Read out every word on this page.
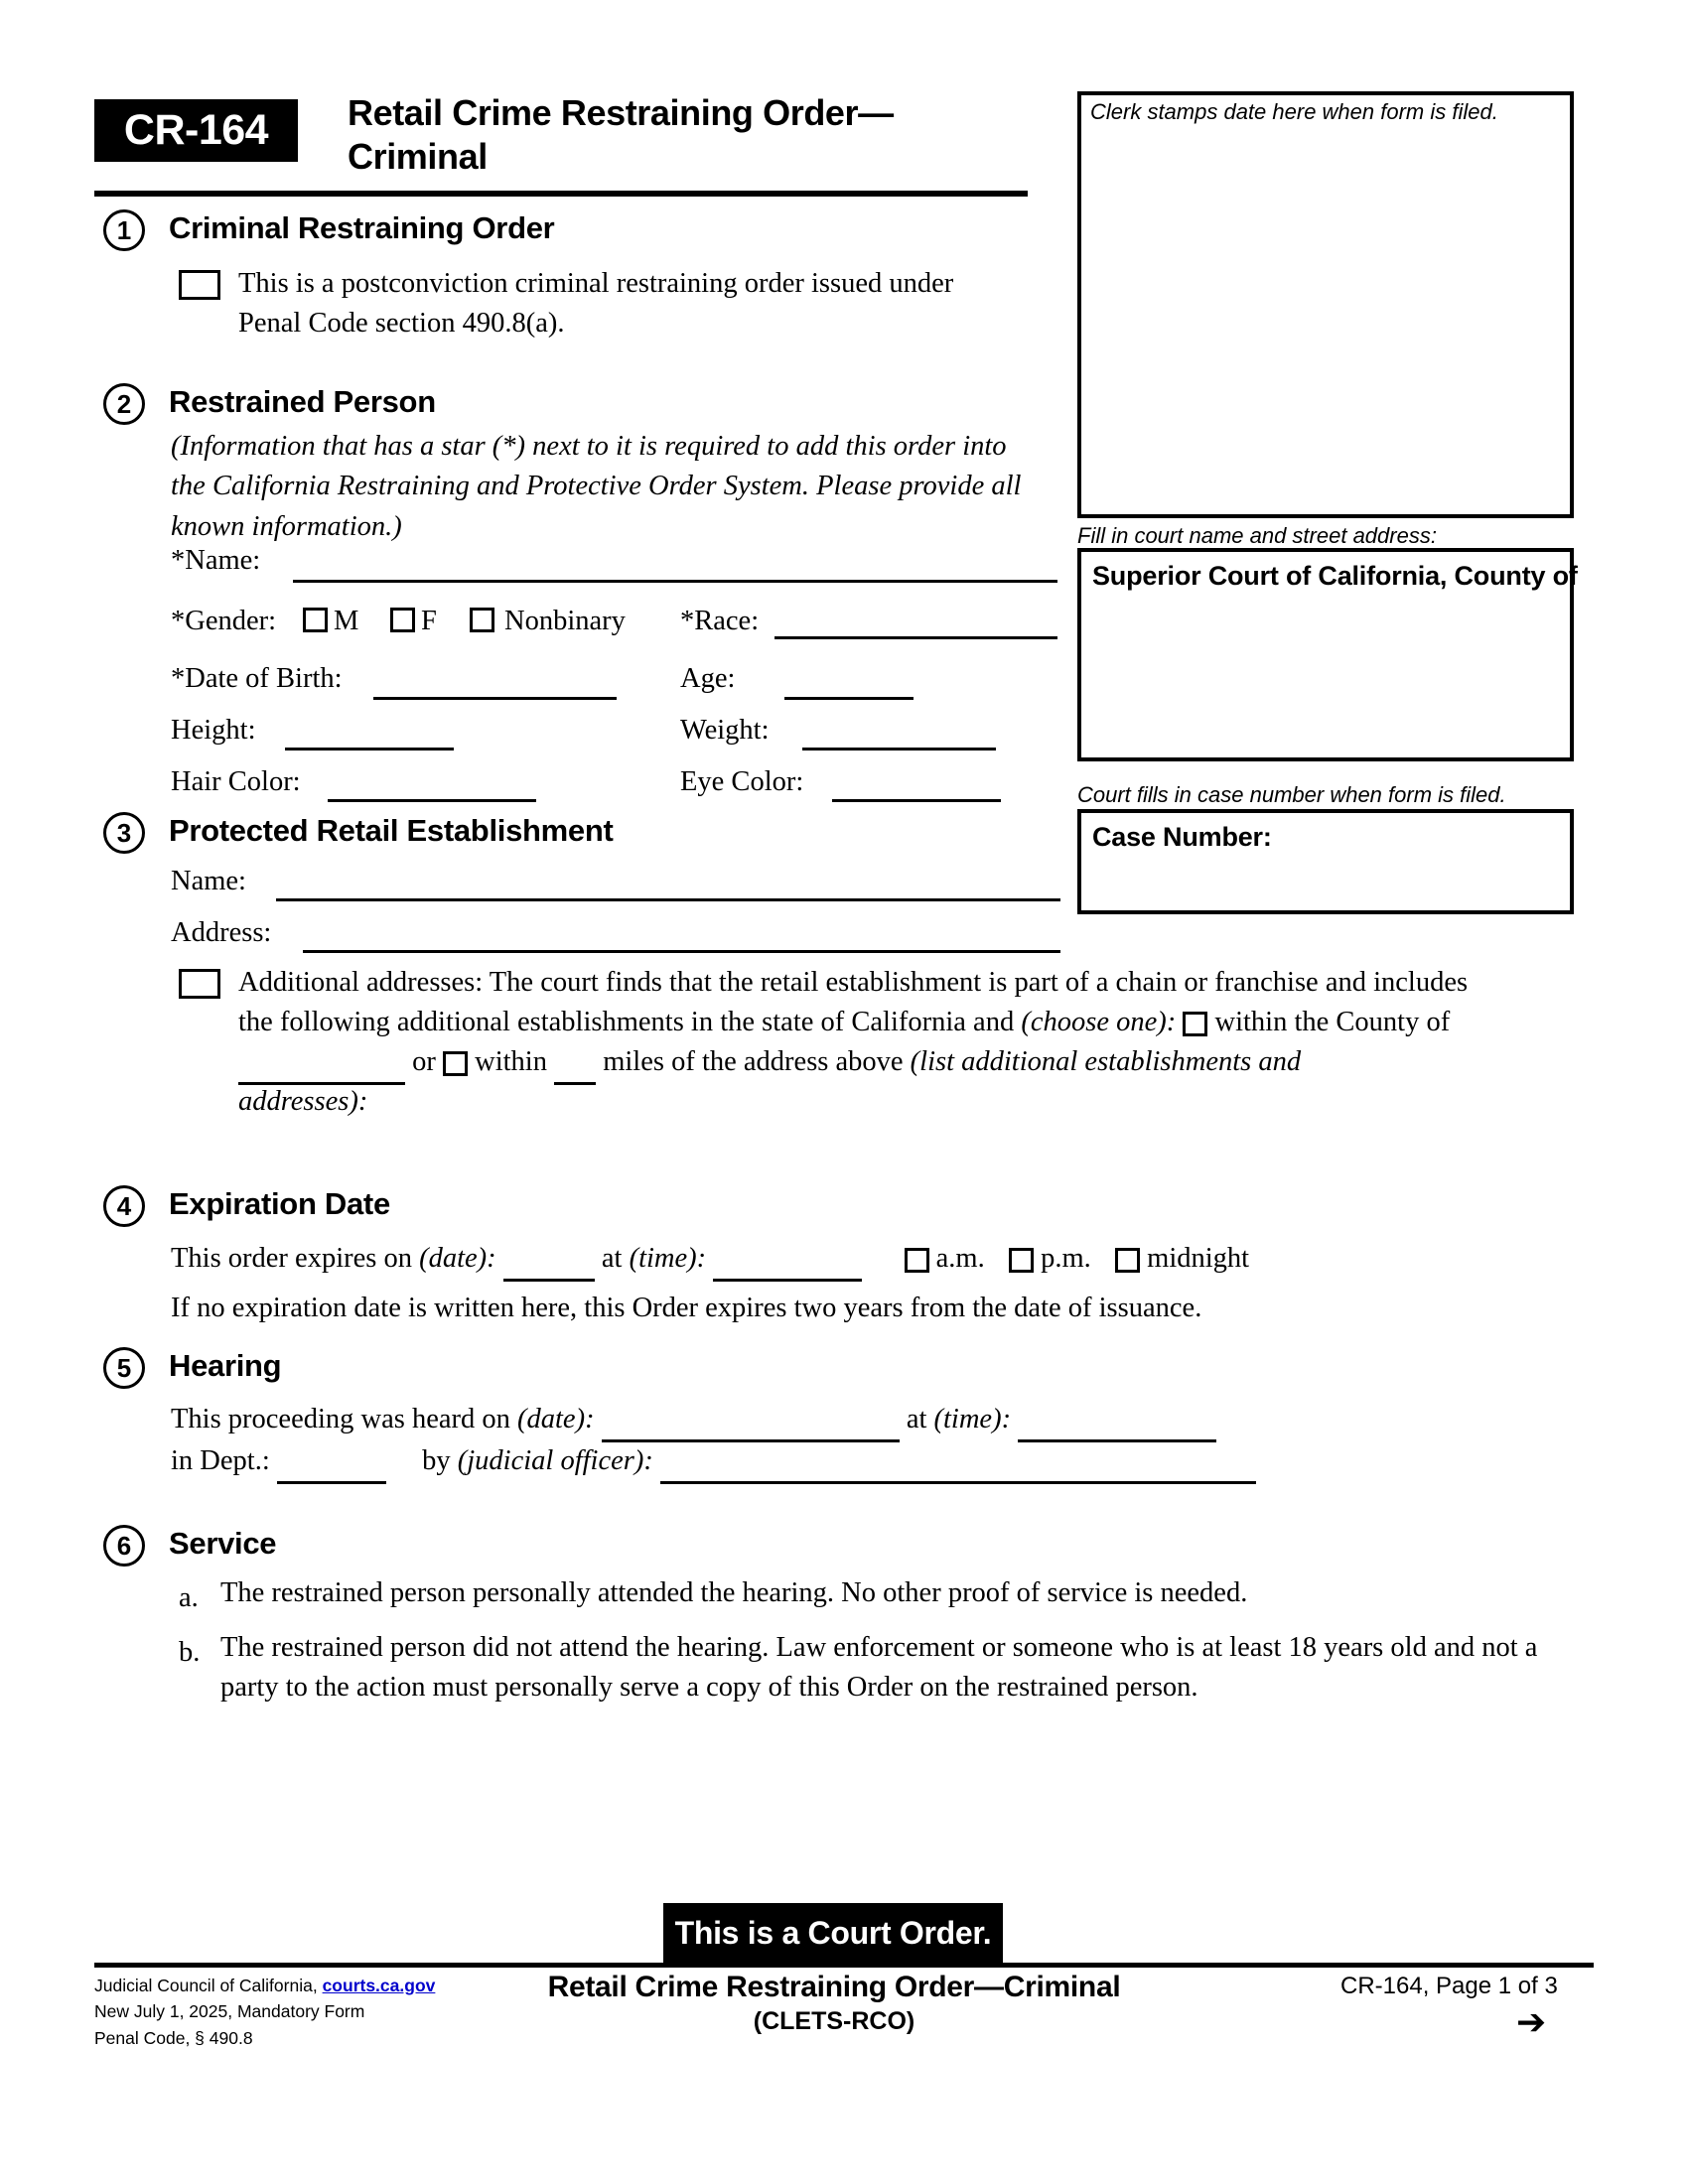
CR-164	Retail Crime Restraining Order—
Criminal
Clerk stamps date here when form is filed.
Fill in court name and street address:
Superior Court of California, County of
Court fills in case number when form is filed.
Case Number:
1	Criminal Restraining Order
This is a postconviction criminal restraining order issued under Penal Code section 490.8(a).
2	Restrained Person
(Information that has a star (*) next to it is required to add this order into the California Restraining and Protective Order System. Please provide all known information.)
*Name:
*Gender: M F Nonbinary *Race:
*Date of Birth:	Age:
Height:	Weight:
Hair Color:	Eye Color:
3	Protected Retail Establishment
Name:
Address:
Additional addresses: The court finds that the retail establishment is part of a chain or franchise and includes
the following additional establishments in the state of California and (choose one): within the County of
or within miles of the address above (list additional establishments and
addresses):
4	Expiration Date
This order expires on (date):	at (time):	a.m. p.m. midnight
If no expiration date is written here, this Order expires two years from the date of issuance.
5	Hearing
This proceeding was heard on (date):	at (time):
in Dept.:	by (judicial officer):
6	Service
a. The restrained person personally attended the hearing. No other proof of service is needed.
b. The restrained person did not attend the hearing. Law enforcement or someone who is at least 18 years old and not a party to the action must personally serve a copy of this Order on the restrained person.
This is a Court Order.
Judicial Council of California, courts.ca.gov
New July 1, 2025, Mandatory Form
Penal Code, § 490.8
Retail Crime Restraining Order—Criminal
(CLETS-RCO)
CR-164, Page 1 of 3
➔
